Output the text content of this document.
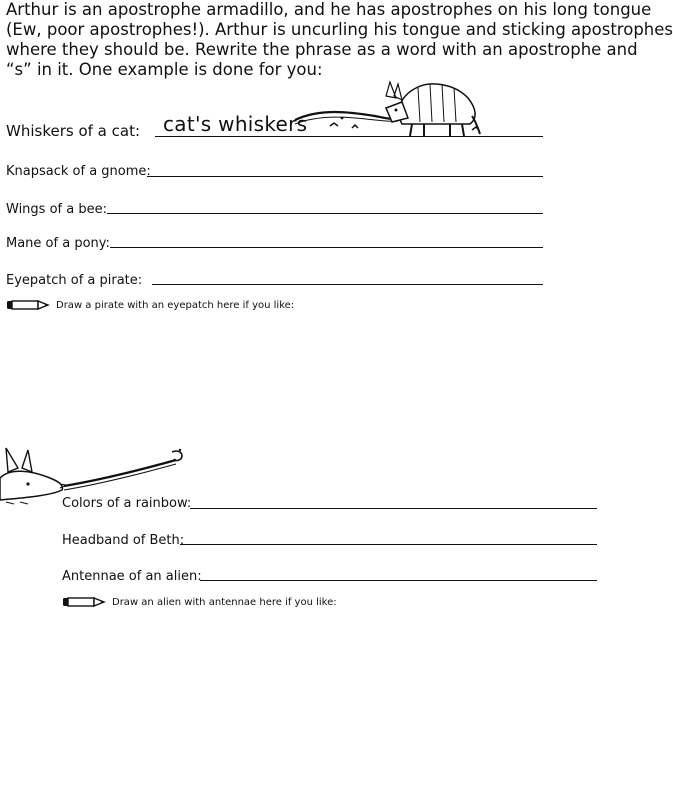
Arthur is an apostrophe armadillo, and he has apostrophes on his long tongue
(Ew, poor apostrophes!). Arthur is uncurling his tongue and sticking apostrophes
where they should be. Rewrite the phrase as a word with an apostrophe and
“s” in it. One example is done for you:
Whiskers of a cat: cat's whiskers
Knapsack of a gnome:
Wings of a bee:
Mane of a pony:
Eyepatch of a pirate:
Draw a pirate with an eyepatch here if you like:
Colors of a rainbow:
Headband of Beth:
Antennae of an alien:
Draw an alien with antennae here if you like:
